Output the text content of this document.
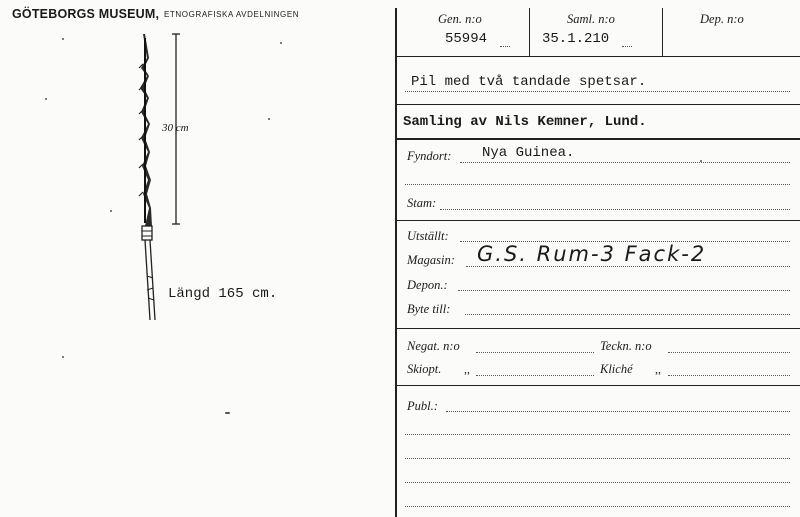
GÖTEBORGS MUSEUM, ETNOGRAFISKA AVDELNINGEN
30 cm
Längd 165 cm.
Gen. n:o
55994
Saml. n:o
35.1.210
Dep. n:o
Pil med två tandade spetsar.
Samling av Nils Kemner, Lund.
Fyndort: Nya Guinea.
Stam:
Utställt:
Magasin: G.S. Rum-3 Fack-2
Depon.:
Byte till:
Negat. n:o	Teckn. n:o
Skiopt. ,,	Kliché ,,
Publ.:
